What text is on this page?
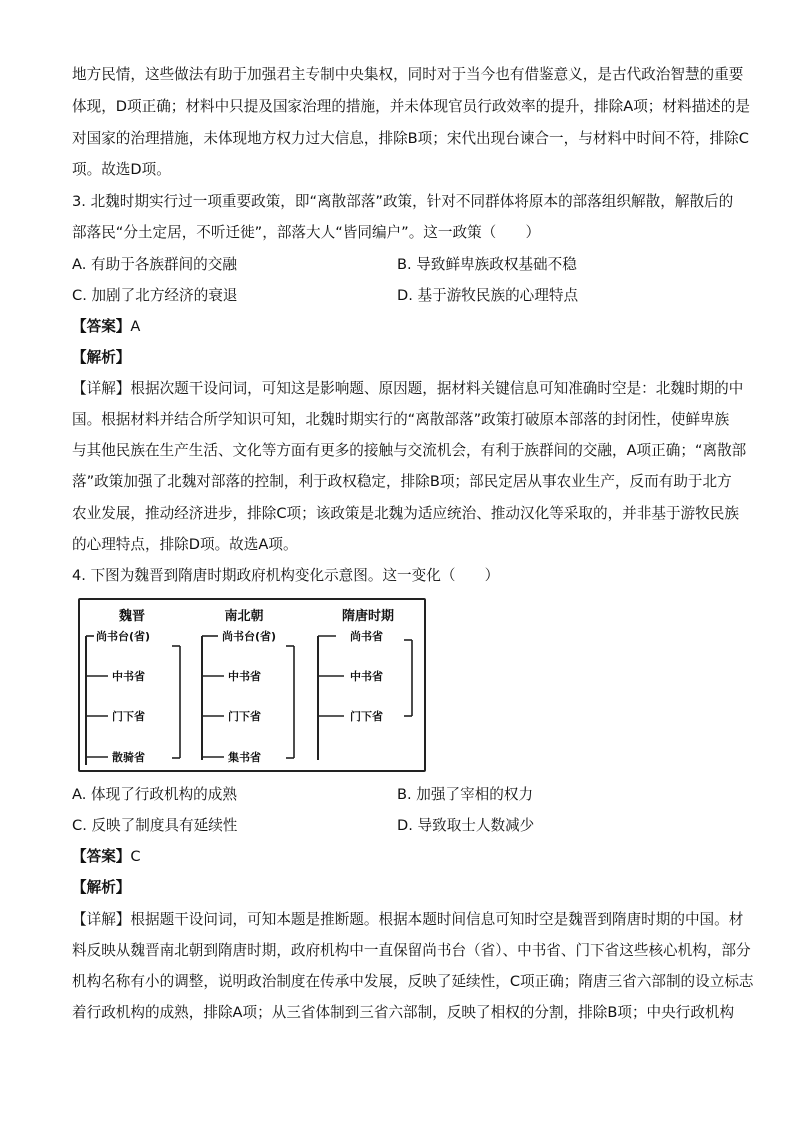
地方民情，这些做法有助于加强君主专制中央集权，同时对于当今也有借鉴意义，是古代政治智慧的重要
体现，D项正确；材料中只提及国家治理的措施，并未体现官员行政效率的提升，排除A项；材料描述的是
对国家的治理措施，未体现地方权力过大信息，排除B项；宋代出现台谏合一，与材料中时间不符，排除C
项。故选D项。
3. 北魏时期实行过一项重要政策，即“离散部落”政策，针对不同群体将原本的部落组织解散，解散后的
部落民“分土定居，不听迁徙”，部落大人“皆同编户”。这一政策（　　）
A. 有助于各族群间的交融	B. 导致鲜卑族政权基础不稳
C. 加剧了北方经济的衰退	D. 基于游牧民族的心理特点
【答案】A
【解析】
【详解】根据次题干设问词，可知这是影响题、原因题，据材料关键信息可知准确时空是：北魏时期的中
国。根据材料并结合所学知识可知，北魏时期实行的“离散部落”政策打破原本部落的封闭性，使鲜卑族
与其他民族在生产生活、文化等方面有更多的接触与交流机会，有利于族群间的交融，A项正确；“离散部
落”政策加强了北魏对部落的控制，利于政权稳定，排除B项；部民定居从事农业生产，反而有助于北方
农业发展，推动经济进步，排除C项；该政策是北魏为适应统治、推动汉化等采取的，并非基于游牧民族
的心理特点，排除D项。故选A项。
4. 下图为魏晋到隋唐时期政府机构变化示意图。这一变化（　　）
魏晋
尚书台(省)
中书省
门下省
散骑省
南北朝
尚书台(省)
中书省
门下省
集书省
隋唐时期
尚书省
中书省
门下省
A. 体现了行政机构的成熟	B. 加强了宰相的权力
C. 反映了制度具有延续性	D. 导致取士人数减少
【答案】C
【解析】
【详解】根据题干设问词，可知本题是推断题。根据本题时间信息可知时空是魏晋到隋唐时期的中国。材
料反映从魏晋南北朝到隋唐时期，政府机构中一直保留尚书台（省）、中书省、门下省这些核心机构，部分
机构名称有小的调整，说明政治制度在传承中发展，反映了延续性，C项正确；隋唐三省六部制的设立标志
着行政机构的成熟，排除A项；从三省体制到三省六部制，反映了相权的分割，排除B项；中央行政机构
